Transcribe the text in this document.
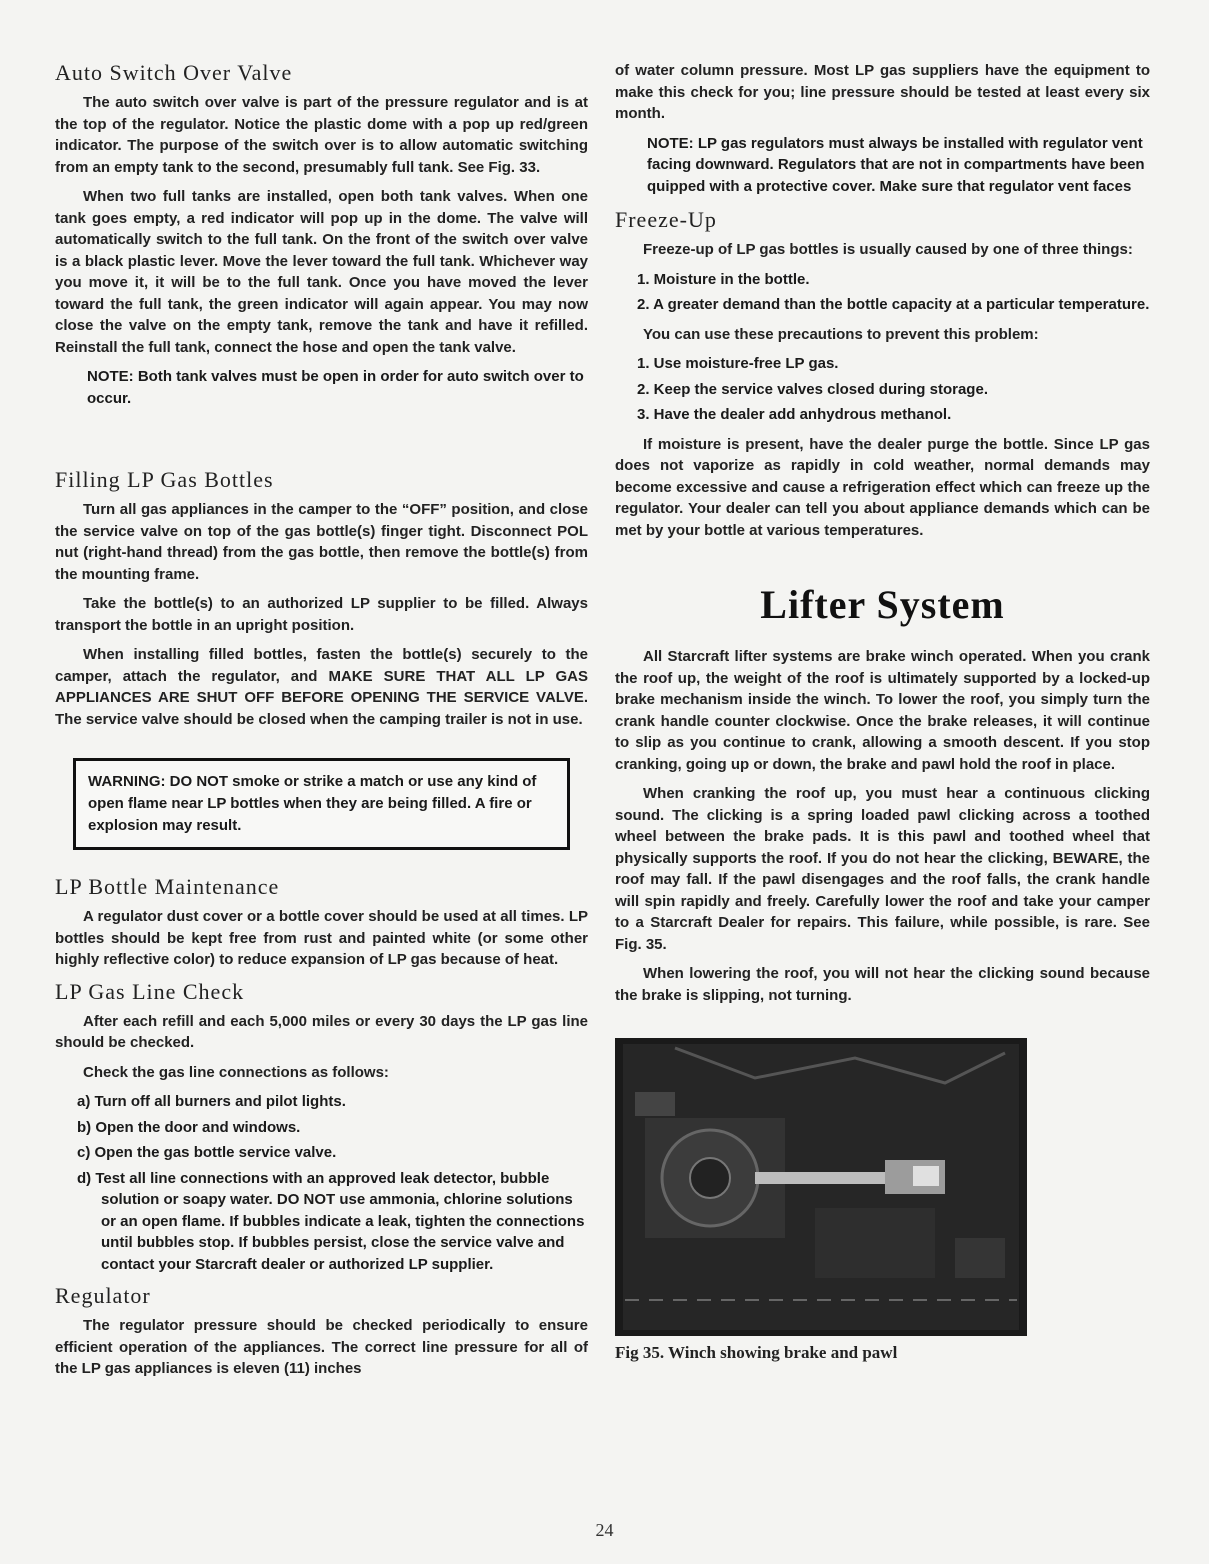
Auto Switch Over Valve

The auto switch over valve is part of the pressure regulator and is at the top of the regulator. Notice the plastic dome with a pop up red/green indicator. The purpose of the switch over is to allow automatic switching from an empty tank to the second, presumably full tank. See Fig. 33.

When two full tanks are installed, open both tank valves. When one tank goes empty, a red indicator will pop up in the dome. The valve will automatically switch to the full tank. On the front of the switch over valve is a black plastic lever. Move the lever toward the full tank. Whichever way you move it, it will be to the full tank. Once you have moved the lever toward the full tank, the green indicator will again appear. You may now close the valve on the empty tank, remove the tank and have it refilled. Reinstall the full tank, connect the hose and open the tank valve.

NOTE: Both tank valves must be open in order for auto switch over to occur.
Filling LP Gas Bottles

Turn all gas appliances in the camper to the “OFF” position, and close the service valve on top of the gas bottle(s) finger tight. Disconnect POL nut (right-hand thread) from the gas bottle, then remove the bottle(s) from the mounting frame.

Take the bottle(s) to an authorized LP supplier to be filled. Always transport the bottle in an upright position.

When installing filled bottles, fasten the bottle(s) securely to the camper, attach the regulator, and MAKE SURE THAT ALL LP GAS APPLIANCES ARE SHUT OFF BEFORE OPENING THE SERVICE VALVE. The service valve should be closed when the camping trailer is not in use.

WARNING: DO NOT smoke or strike a match or use any kind of open flame near LP bottles when they are being filled. A fire or explosion may result.
LP Bottle Maintenance

A regulator dust cover or a bottle cover should be used at all times. LP bottles should be kept free from rust and painted white (or some other highly reflective color) to reduce expansion of LP gas because of heat.

LP Gas Line Check

After each refill and each 5,000 miles or every 30 days the LP gas line should be checked.

Check the gas line connections as follows:

a) Turn off all burners and pilot lights.
b) Open the door and windows.
c) Open the gas bottle service valve.
d) Test all line connections with an approved leak detector, bubble solution or soapy water. DO NOT use ammonia, chlorine solutions or an open flame. If bubbles indicate a leak, tighten the connections until bubbles stop. If bubbles persist, close the service valve and contact your Starcraft dealer or authorized LP supplier.
Regulator

The regulator pressure should be checked periodically to ensure efficient operation of the appliances. The correct line pressure for all of the LP gas appliances is eleven (11) inches

of water column pressure. Most LP gas suppliers have the equipment to make this check for you; line pressure should be tested at least every six month.

NOTE: LP gas regulators must always be installed with regulator vent facing downward. Regulators that are not in compartments have been quipped with a protective cover. Make sure that regulator vent faces
Freeze-Up

Freeze-up of LP gas bottles is usually caused by one of three things:

1. Moisture in the bottle.
2. A greater demand than the bottle capacity at a particular temperature.

You can use these precautions to prevent this problem:

1. Use moisture-free LP gas.
2. Keep the service valves closed during storage.
3. Have the dealer add anhydrous methanol.

If moisture is present, have the dealer purge the bottle. Since LP gas does not vaporize as rapidly in cold weather, normal demands may become excessive and cause a refrigeration effect which can freeze up the regulator. Your dealer can tell you about appliance demands which can be met by your bottle at various temperatures.

Lifter System

All Starcraft lifter systems are brake winch operated. When you crank the roof up, the weight of the roof is ultimately supported by a locked-up brake mechanism inside the winch. To lower the roof, you simply turn the crank handle counter clockwise. Once the brake releases, it will continue to slip as you continue to crank, allowing a smooth descent. If you stop cranking, going up or down, the brake and pawl hold the roof in place.

When cranking the roof up, you must hear a continuous clicking sound. The clicking is a spring loaded pawl clicking across a toothed wheel between the brake pads. It is this pawl and toothed wheel that physically supports the roof. If you do not hear the clicking, BEWARE, the roof may fall. If the pawl disengages and the roof falls, the crank handle will spin rapidly and freely. Carefully lower the roof and take your camper to a Starcraft Dealer for repairs. This failure, while possible, is rare. See Fig. 35.

When lowering the roof, you will not hear the clicking sound because the brake is slipping, not turning.

Fig 35. Winch showing brake and pawl

24
